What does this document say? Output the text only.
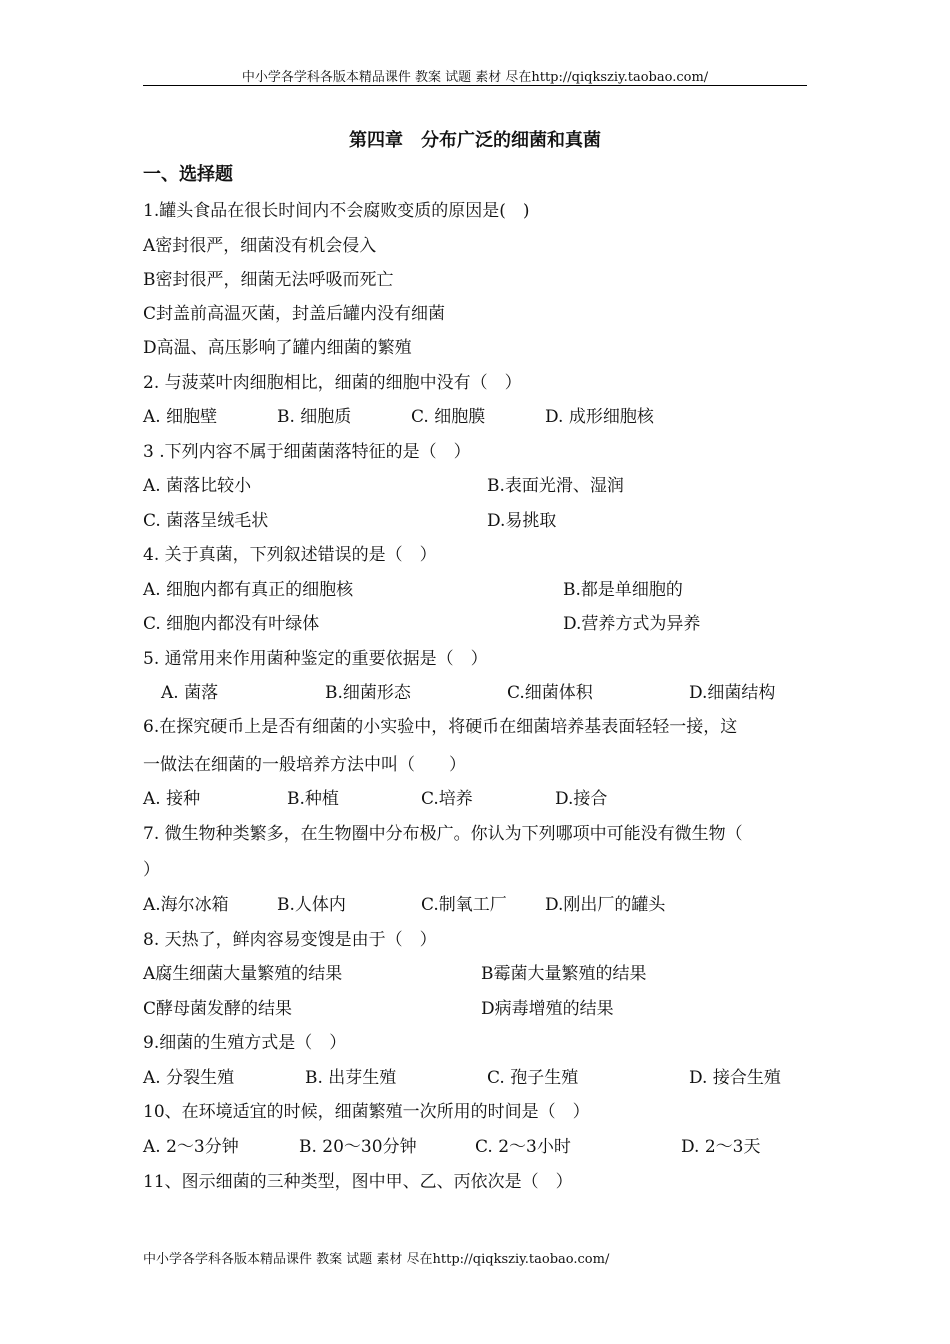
中小学各学科各版本精品课件 教案 试题 素材 尽在http://qiqksziy.taobao.com/
第四章　分布广泛的细菌和真菌
一、选择题
1.罐头食品在很长时间内不会腐败变质的原因是(　)
A密封很严，细菌没有机会侵入
B密封很严，细菌无法呼吸而死亡
C封盖前高温灭菌，封盖后罐内没有细菌
D高温、高压影响了罐内细菌的繁殖
2. 与菠菜叶肉细胞相比，细菌的细胞中没有（　）
A. 细胞壁	B. 细胞质	C. 细胞膜	D. 成形细胞核
3 .下列内容不属于细菌菌落特征的是（　）
A. 菌落比较小	B.表面光滑、湿润
C. 菌落呈绒毛状	D.易挑取
4. 关于真菌，下列叙述错误的是（　）
A. 细胞内都有真正的细胞核	B.都是单细胞的
C. 细胞内都没有叶绿体	D.营养方式为异养
5. 通常用来作用菌种鉴定的重要依据是（　）
A. 菌落	B.细菌形态	C.细菌体积	D.细菌结构
6.在探究硬币上是否有细菌的小实验中，将硬币在细菌培养基表面轻轻一接，这
一做法在细菌的一般培养方法中叫（　　）
A. 接种	B.种植	C.培养	D.接合
7. 微生物种类繁多，在生物圈中分布极广。你认为下列哪项中可能没有微生物（
）
A.海尔冰箱	B.人体内	C.制氧工厂 D.刚出厂的罐头
8. 天热了，鲜肉容易变馊是由于（　）
A腐生细菌大量繁殖的结果	B霉菌大量繁殖的结果
C酵母菌发酵的结果	D病毒增殖的结果
9.细菌的生殖方式是（　）
A. 分裂生殖	B. 出芽生殖	C. 孢子生殖	D. 接合生殖
10、在环境适宜的时候，细菌繁殖一次所用的时间是（　）
A. 2～3分钟	B. 20～30分钟	C. 2～3小时	D. 2～3天
11、图示细菌的三种类型，图中甲、乙、丙依次是（　）
中小学各学科各版本精品课件 教案 试题 素材 尽在http://qiqksziy.taobao.com/
